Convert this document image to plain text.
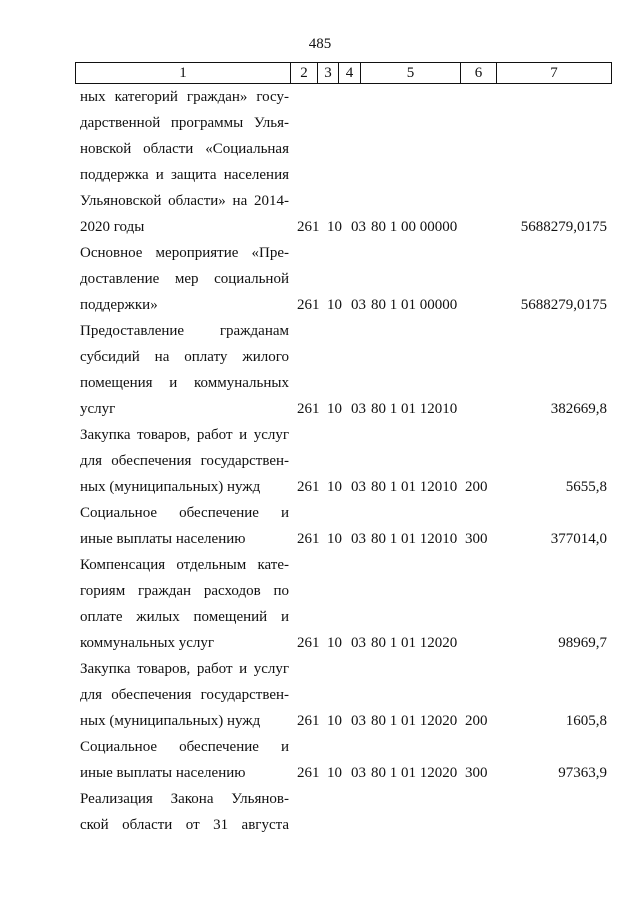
485
1	2	3 4	5	6	7
ных категорий граждан» госу-
дарственной программы Улья-
новской области «Социальная
поддержка и защита населения
Ульяновской области» на 2014-
2020 годы	261 10 03 80 1 00 00000	5688279,0175
Основное мероприятие «Пре-
доставление мер социальной
поддержки»	261 10 03 80 1 01 00000	5688279,0175
Предоставление гражданам
субсидий на оплату жилого
помещения и коммунальных
услуг	261 10 03 80 1 01 12010	382669,8
Закупка товаров, работ и услуг
для обеспечения государствен-
ных (муниципальных) нужд	261 10 03 80 1 01 12010 200	5655,8
Социальное обеспечение и
иные выплаты населению	261 10 03 80 1 01 12010 300	377014,0
Компенсация отдельным кате-
гориям граждан расходов по
оплате жилых помещений и
коммунальных услуг	261 10 03 80 1 01 12020	98969,7
Закупка товаров, работ и услуг
для обеспечения государствен-
ных (муниципальных) нужд	261 10 03 80 1 01 12020 200	1605,8
Социальное обеспечение и
иные выплаты населению	261 10 03 80 1 01 12020 300	97363,9
Реализация Закона Ульянов-
ской области от 31 августа
